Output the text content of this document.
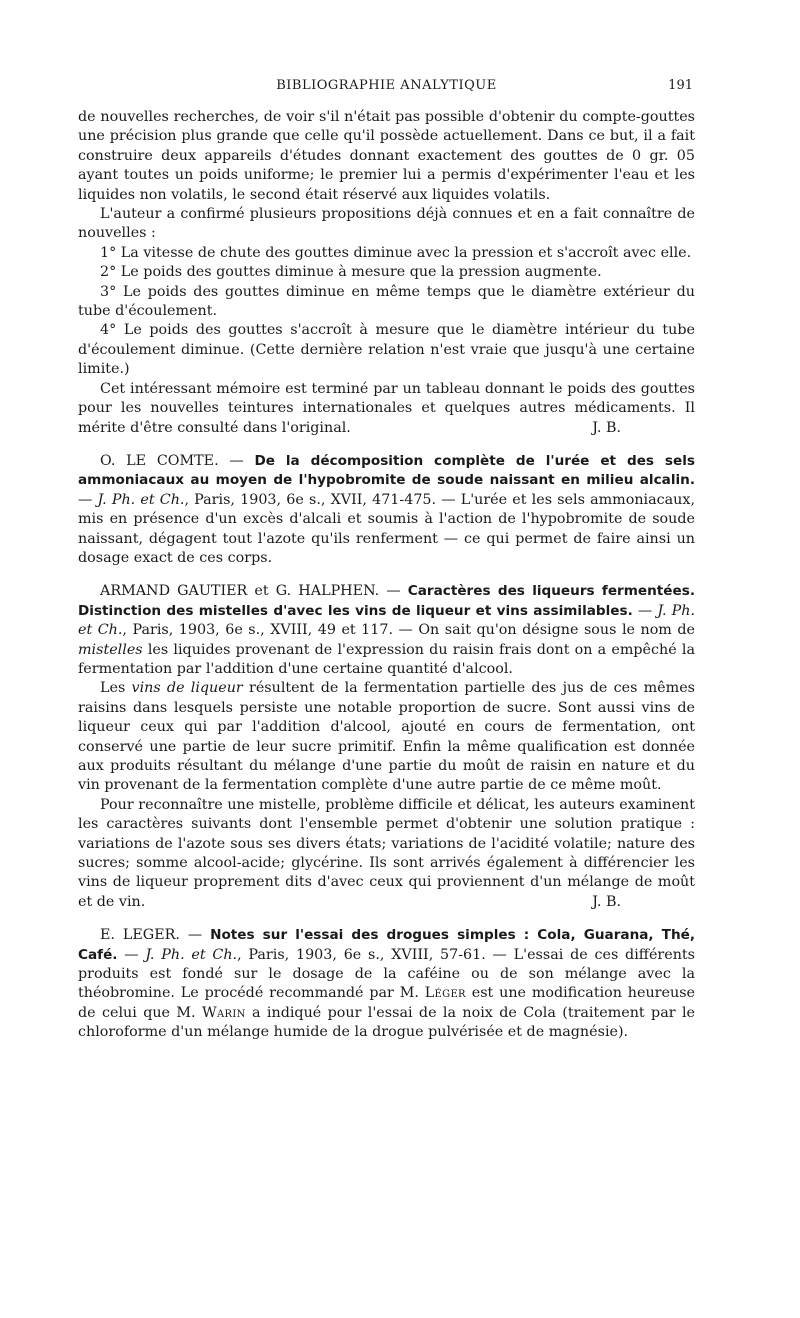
BIBLIOGRAPHIE ANALYTIQUE	191

de nouvelles recherches, de voir s'il n'était pas possible d'obtenir du compte-gouttes une précision plus grande que celle qu'il possède actuellement. Dans ce but, il a fait construire deux appareils d'études donnant exactement des gouttes de 0 gr. 05 ayant toutes un poids uniforme; le premier lui a permis d'expérimenter l'eau et les liquides non volatils, le second était réservé aux liquides volatils.

L'auteur a confirmé plusieurs propositions déjà connues et en a fait connaître de nouvelles :

1° La vitesse de chute des gouttes diminue avec la pression et s'accroît avec elle.

2° Le poids des gouttes diminue à mesure que la pression augmente.

3° Le poids des gouttes diminue en même temps que le diamètre extérieur du tube d'écoulement.

4° Le poids des gouttes s'accroît à mesure que le diamètre intérieur du tube d'écoulement diminue. (Cette dernière relation n'est vraie que jusqu'à une certaine limite.)

Cet intéressant mémoire est terminé par un tableau donnant le poids des gouttes pour les nouvelles teintures internationales et quelques autres médicaments. Il mérite d'être consulté dans l'original.	J. B.

O. LE COMTE. — De la décomposition complète de l'urée et des sels ammoniacaux au moyen de l'hypobromite de soude naissant en milieu alcalin. — J. Ph. et Ch., Paris, 1903, 6e s., XVII, 471-475. — L'urée et les sels ammoniacaux, mis en présence d'un excès d'alcali et soumis à l'action de l'hypobromite de soude naissant, dégagent tout l'azote qu'ils renferment — ce qui permet de faire ainsi un dosage exact de ces corps.

ARMAND GAUTIER et G. HALPHEN. — Caractères des liqueurs fermentées. Distinction des mistelles d'avec les vins de liqueur et vins assimilables. — J. Ph. et Ch., Paris, 1903, 6e s., XVIII, 49 et 117. — On sait qu'on désigne sous le nom de mistelles les liquides provenant de l'expression du raisin frais dont on a empêché la fermentation par l'addition d'une certaine quantité d'alcool.

Les vins de liqueur résultent de la fermentation partielle des jus de ces mêmes raisins dans lesquels persiste une notable proportion de sucre. Sont aussi vins de liqueur ceux qui par l'addition d'alcool, ajouté en cours de fermentation, ont conservé une partie de leur sucre primitif. Enfin la même qualification est donnée aux produits résultant du mélange d'une partie du moût de raisin en nature et du vin provenant de la fermentation complète d'une autre partie de ce même moût.

Pour reconnaître une mistelle, problème difficile et délicat, les auteurs examinent les caractères suivants dont l'ensemble permet d'obtenir une solution pratique : variations de l'azote sous ses divers états; variations de l'acidité volatile; nature des sucres; somme alcool-acide; glycérine. Ils sont arrivés également à différencier les vins de liqueur proprement dits d'avec ceux qui proviennent d'un mélange de moût et de vin.	J. B.

E. LEGER. — Notes sur l'essai des drogues simples : Cola, Guarana, Thé, Café. — J. Ph. et Ch., Paris, 1903, 6e s., XVIII, 57-61. — L'essai de ces différents produits est fondé sur le dosage de la caféine ou de son mélange avec la théobromine. Le procédé recommandé par M. Léger est une modification heureuse de celui que M. Warin a indiqué pour l'essai de la noix de Cola (traitement par le chloroforme d'un mélange humide de la drogue pulvérisée et de magnésie).
